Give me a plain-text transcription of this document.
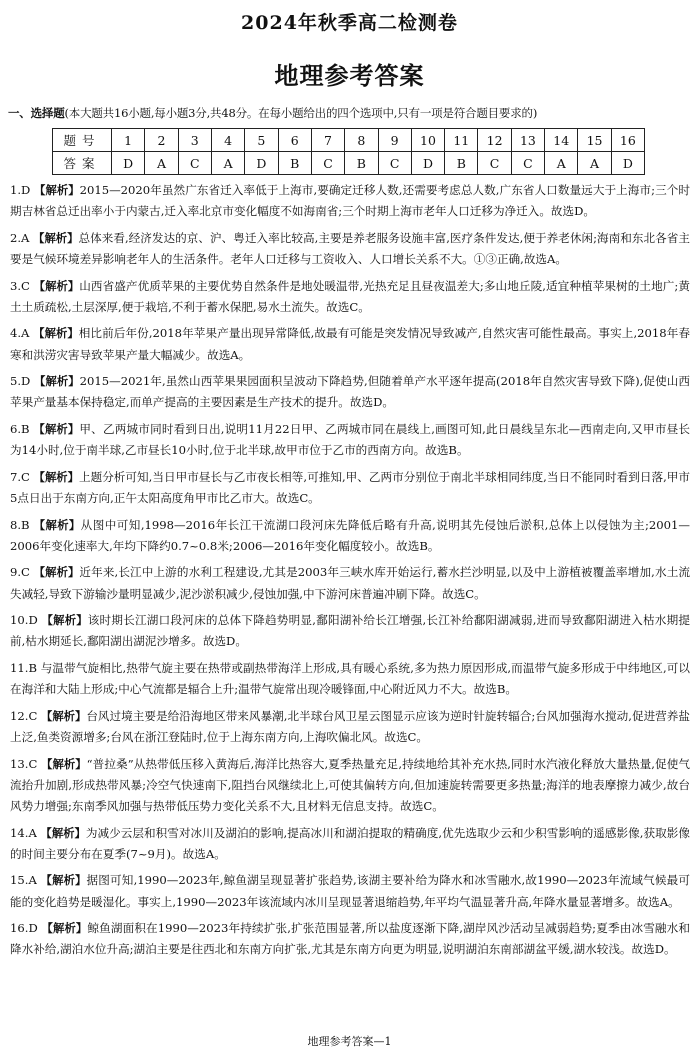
2024年秋季高二检测卷
地理参考答案
一、选择题(本大题共16小题,每小题3分,共48分。在每小题给出的四个选项中,只有一项是符合题目要求的)
题号	1	2	3	4	5	6	7	8	9	10	11	12	13	14	15	16
答案	D	A	C	A	D	B	C	B	C	D	B	C	C	A	A	D
1.D 【解析】2015—2020年虽然广东省迁入率低于上海市,要确定迁移人数,还需要考虑总人数,广东省人口数量远大于上海市;三个时期吉林省总迁出率小于内蒙古,迁入率北京市变化幅度不如海南省;三个时期上海市老年人口迁移为净迁入。故选D。
2.A 【解析】总体来看,经济发达的京、沪、粤迁入率比较高,主要是养老服务设施丰富,医疗条件发达,便于养老休闲;海南和东北各省主要是气候环境差异影响老年人的生活条件。老年人口迁移与工资收入、人口增长关系不大。①③正确,故选A。
3.C 【解析】山西省盛产优质苹果的主要优势自然条件是地处暖温带,光热充足且昼夜温差大;多山地丘陵,适宜种植苹果树的土地广;黄土土质疏松,土层深厚,便于栽培,不利于蓄水保肥,易水土流失。故选C。
4.A 【解析】相比前后年份,2018年苹果产量出现异常降低,故最有可能是突发情况导致减产,自然灾害可能性最高。事实上,2018年春寒和洪涝灾害导致苹果产量大幅减少。故选A。
5.D 【解析】2015—2021年,虽然山西苹果果园面积呈波动下降趋势,但随着单产水平逐年提高(2018年自然灾害导致下降),促使山西苹果产量基本保持稳定,而单产提高的主要因素是生产技术的提升。故选D。
6.B 【解析】甲、乙两城市同时看到日出,说明11月22日甲、乙两城市同在晨线上,画图可知,此日晨线呈东北—西南走向,又甲市昼长为14小时,位于南半球,乙市昼长10小时,位于北半球,故甲市位于乙市的西南方向。故选B。
7.C 【解析】上题分析可知,当日甲市昼长与乙市夜长相等,可推知,甲、乙两市分别位于南北半球相同纬度,当日不能同时看到日落,甲市5点日出于东南方向,正午太阳高度角甲市比乙市大。故选C。
8.B 【解析】从图中可知,1998—2016年长江干流湖口段河床先降低后略有升高,说明其先侵蚀后淤积,总体上以侵蚀为主;2001—2006年变化速率大,年均下降约0.7~0.8米;2006—2016年变化幅度较小。故选B。
9.C 【解析】近年来,长江中上游的水利工程建设,尤其是2003年三峡水库开始运行,蓄水拦沙明显,以及中上游植被覆盖率增加,水土流失减轻,导致下游输沙量明显减少,泥沙淤积减少,侵蚀加强,中下游河床普遍冲刷下降。故选C。
10.D 【解析】该时期长江湖口段河床的总体下降趋势明显,鄱阳湖补给长江增强,长江补给鄱阳湖减弱,进而导致鄱阳湖进入枯水期提前,枯水期延长,鄱阳湖出湖泥沙增多。故选D。
11.B 与温带气旋相比,热带气旋主要在热带或副热带海洋上形成,具有暖心系统,多为热力原因形成,而温带气旋多形成于中纬地区,可以在海洋和大陆上形成;中心气流都是辐合上升;温带气旋常出现冷暖锋面,中心附近风力不大。故选B。
12.C 【解析】台风过境主要是给沿海地区带来风暴潮,北半球台风卫星云图显示应该为逆时针旋转辐合;台风加强海水搅动,促进营养盐上泛,鱼类资源增多;台风在浙江登陆时,位于上海东南方向,上海吹偏北风。故选C。
13.C 【解析】“普拉桑”从热带低压移入黄海后,海洋比热容大,夏季热量充足,持续地给其补充水热,同时水汽液化释放大量热量,促使气流抬升加剧,形成热带风暴;冷空气快速南下,阻挡台风继续北上,可使其偏转方向,但加速旋转需要更多热量;海洋的地表摩擦力减少,故台风势力增强;东南季风加强与热带低压势力变化关系不大,且材料无信息支持。故选C。
14.A 【解析】为减少云层和积雪对冰川及湖泊的影响,提高冰川和湖泊提取的精确度,优先选取少云和少积雪影响的遥感影像,获取影像的时间主要分布在夏季(7~9月)。故选A。
15.A 【解析】据图可知,1990—2023年,鲸鱼湖呈现显著扩张趋势,该湖主要补给为降水和冰雪融水,故1990—2023年流域气候最可能的变化趋势是暖湿化。事实上,1990—2023年该流域内冰川呈现显著退缩趋势,年平均气温显著升高,年降水量显著增多。故选A。
16.D 【解析】鲸鱼湖面积在1990—2023年持续扩张,扩张范围显著,所以盐度逐渐下降,湖岸风沙活动呈减弱趋势;夏季由冰雪融水和降水补给,湖泊水位升高;湖泊主要是往西北和东南方向扩张,尤其是东南方向更为明显,说明湖泊东南部湖盆平缓,湖水较浅。故选D。
地理参考答案—1
